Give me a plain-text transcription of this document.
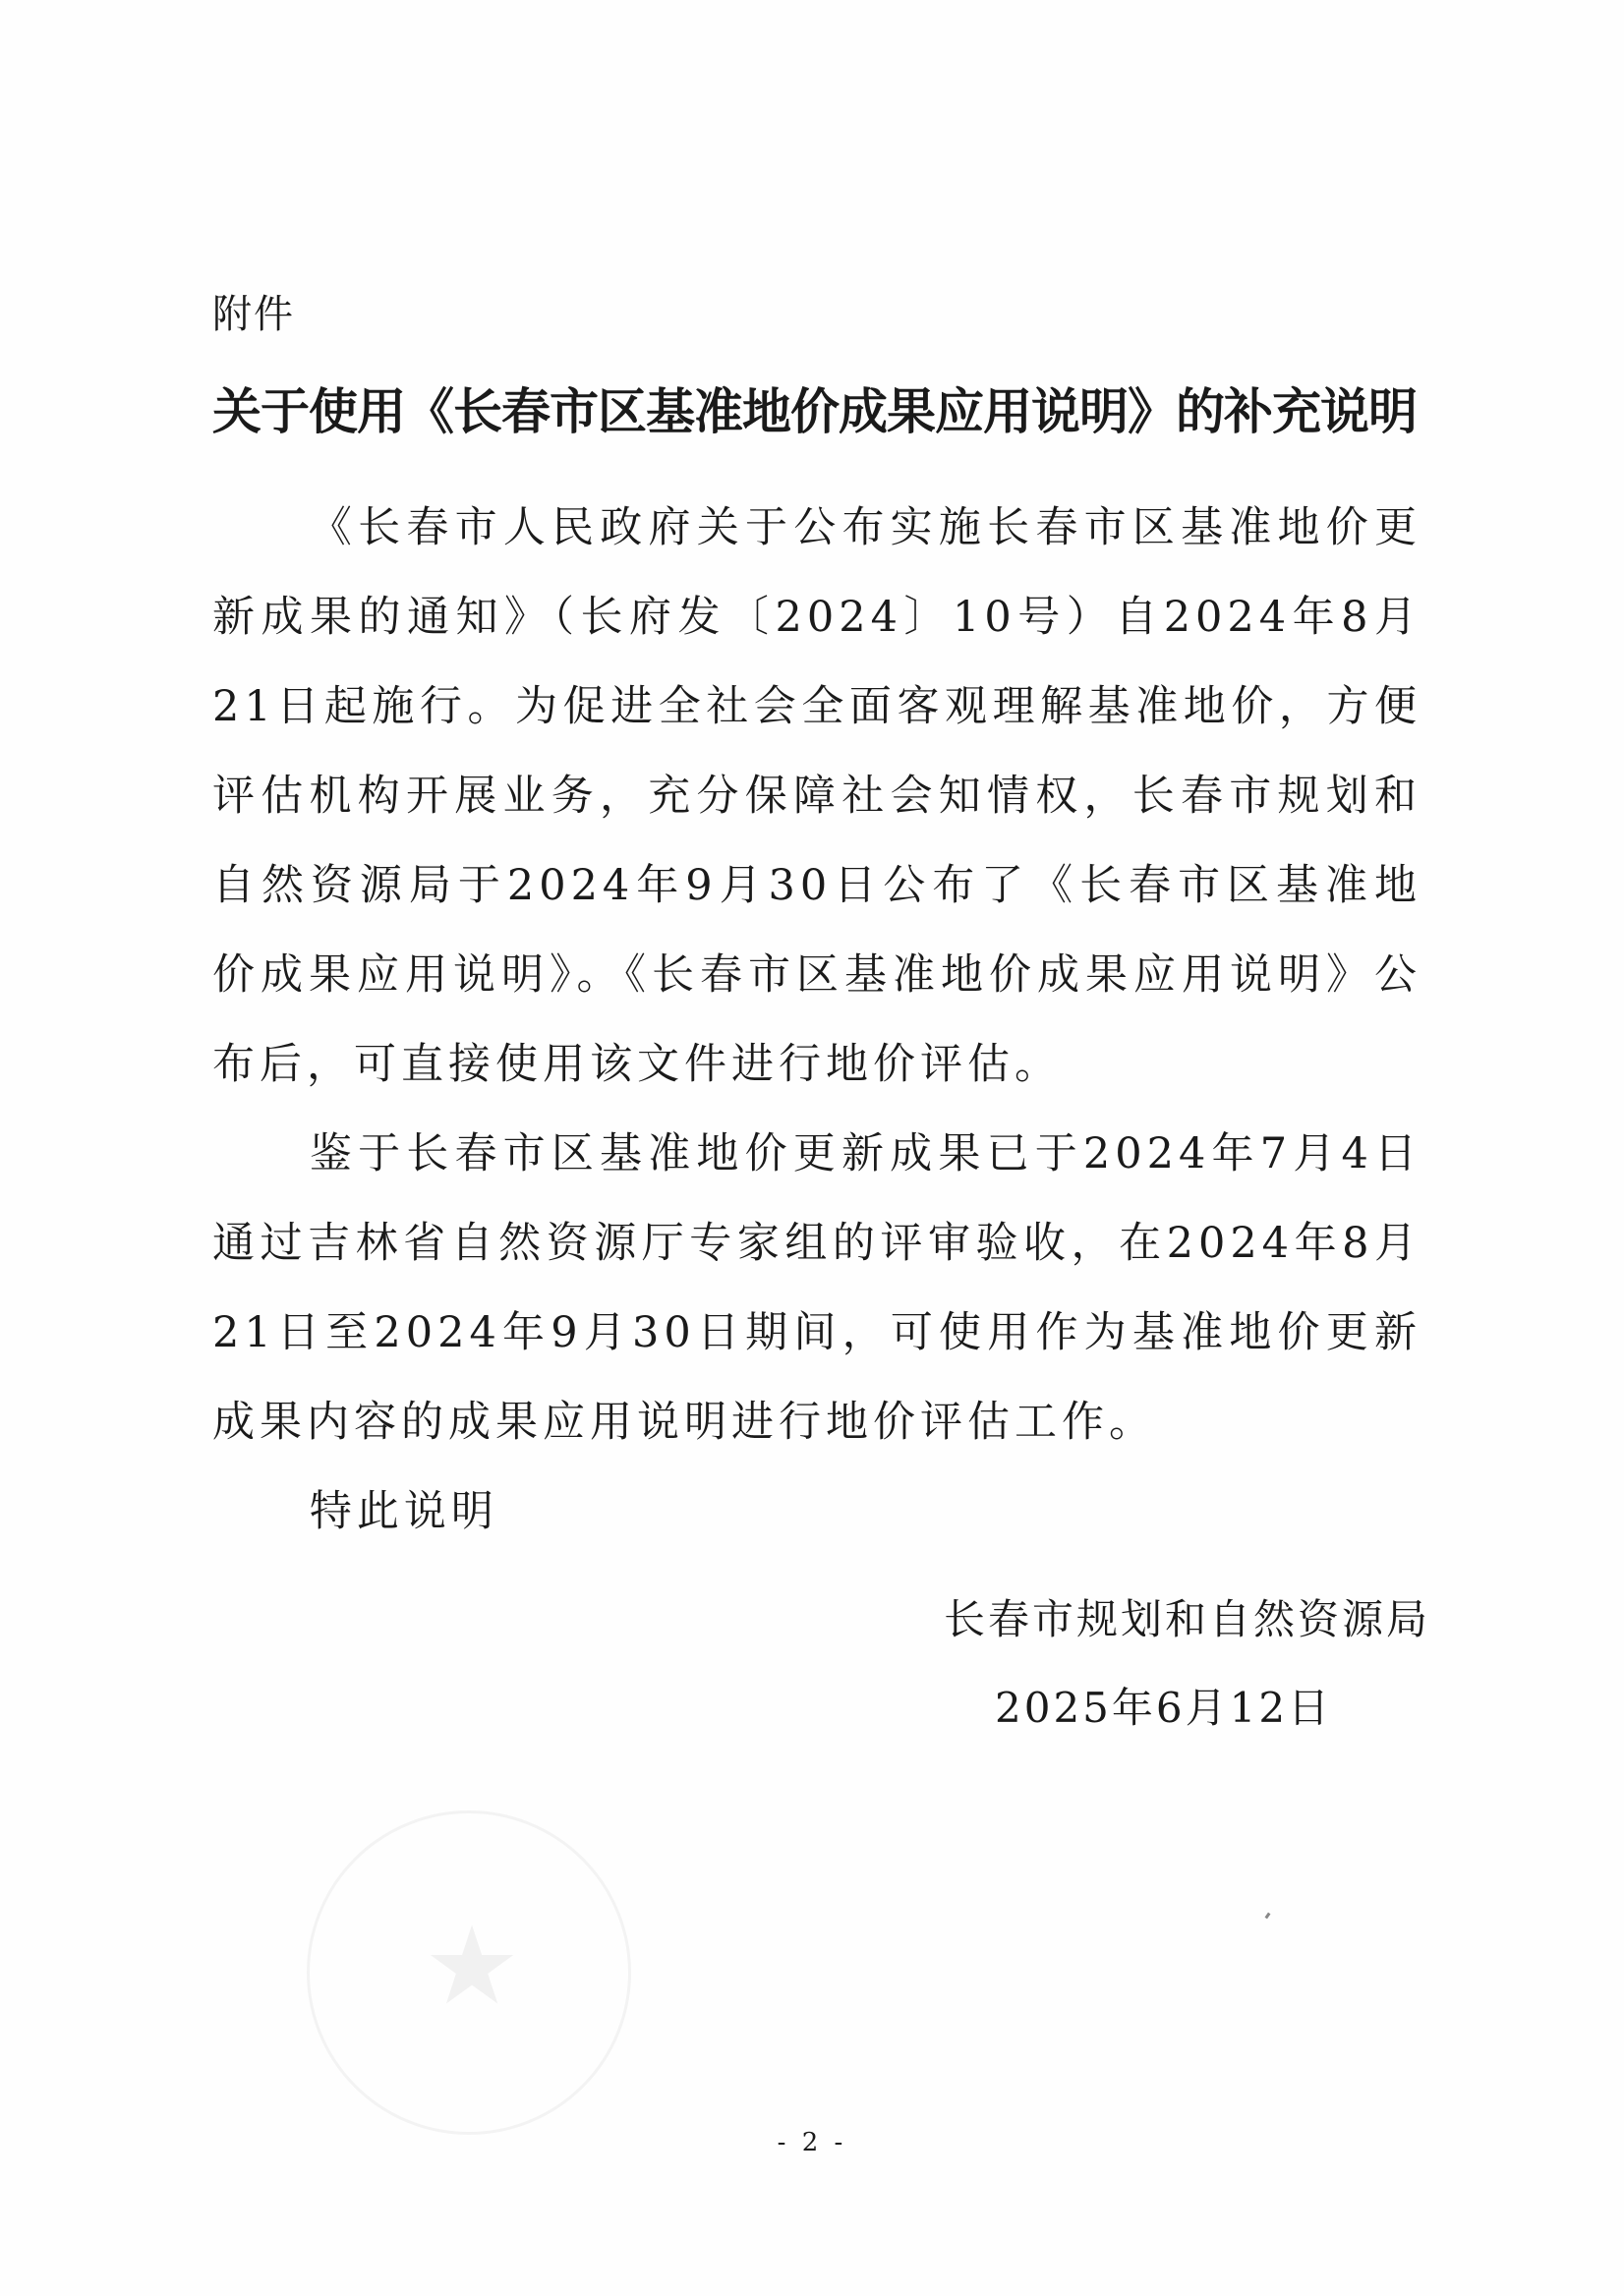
附件
关于使用《长春市区基准地价成果应用说明》的补充说明

《长春市人民政府关于公布实施长春市区基准地价更新成果的通知》（长府发〔2024〕10号）自2024年8月21日起施行。为促进全社会全面客观理解基准地价，方便评估机构开展业务，充分保障社会知情权，长春市规划和自然资源局于2024年9月30日公布了《长春市区基准地价成果应用说明》。《长春市区基准地价成果应用说明》公布后，可直接使用该文件进行地价评估。

鉴于长春市区基准地价更新成果已于2024年7月4日通过吉林省自然资源厅专家组的评审验收，在2024年8月21日至2024年9月30日期间，可使用作为基准地价更新成果内容的成果应用说明进行地价评估工作。

特此说明

★
长春市规划和自然资源局
2025年6月12日
- 2 -
